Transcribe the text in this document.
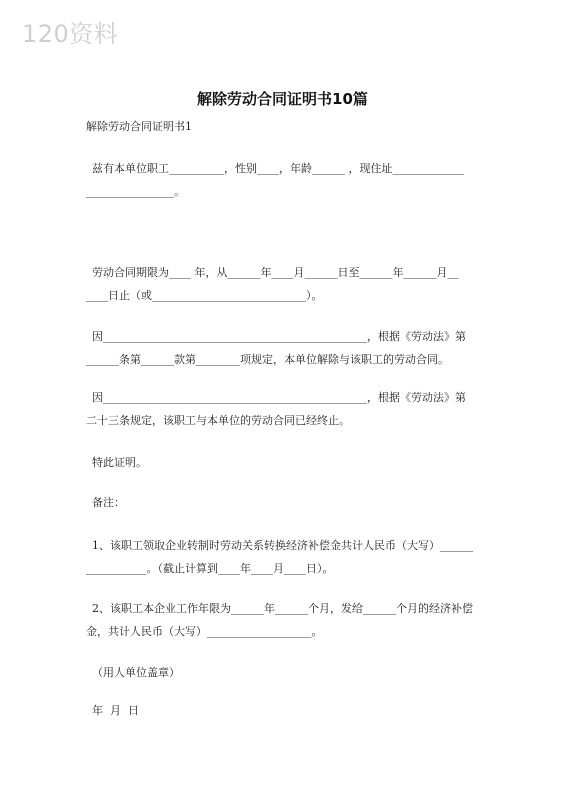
120资料
解除劳动合同证明书10篇
解除劳动合同证明书1
兹有本单位职工__________，性别____，年龄______ ，现住址_____________
________________。
劳动合同期限为____ 年，从______年____月______日至______年______月__
____日止（或____________________________）。
因________________________________________________，根据《劳动法》第
______条第______款第________项规定，本单位解除与该职工的劳动合同。
因________________________________________________，根据《劳动法》第
二十三条规定，该职工与本单位的劳动合同已经终止。
特此证明。
备注：
1、该职工领取企业转制时劳动关系转换经济补偿金共计人民币（大写）______
___________。（截止计算到____年____月____日）。
2、该职工本企业工作年限为______年______个月，发给______个月的经济补偿
金，共计人民币（大写）___________________。
（用人单位盖章）
年  月  日
